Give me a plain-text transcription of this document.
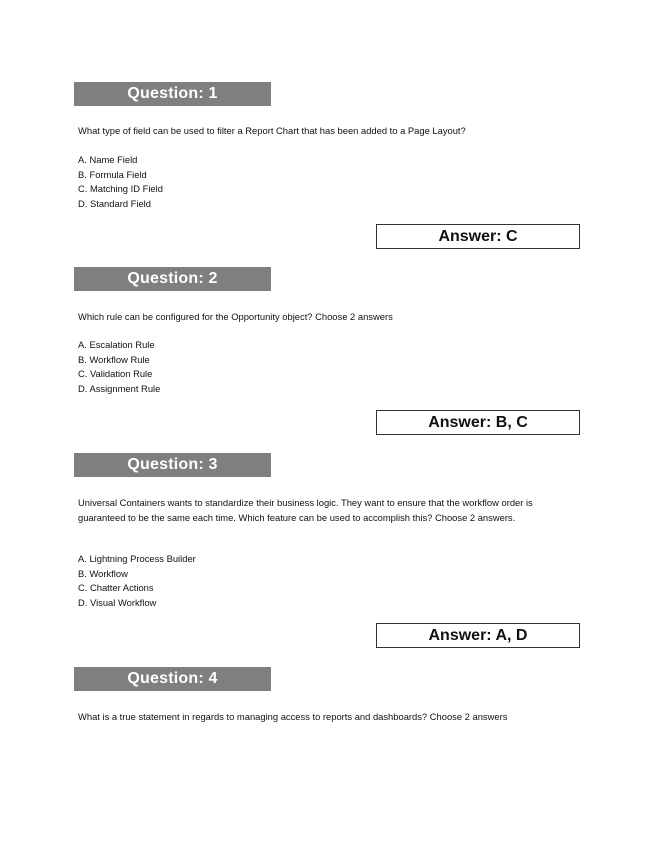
Question: 1

What type of field can be used to filter a Report Chart that has been added to a Page Layout?

A. Name Field
B. Formula Field
C. Matching ID Field
D. Standard Field
Answer: C
Question: 2

Which rule can be configured for the Opportunity object? Choose 2 answers

A. Escalation Rule
B. Workflow Rule
C. Validation Rule
D. Assignment Rule
Answer: B, C
Question: 3

Universal Containers wants to standardize their business logic. They want to ensure that the workflow order is guaranteed to be the same each time. Which feature can be used to accomplish this? Choose 2 answers.

A. Lightning Process Builder
B. Workflow
C. Chatter Actions
D. Visual Workflow
Answer: A, D
Question: 4

What is a true statement in regards to managing access to reports and dashboards? Choose 2 answers
